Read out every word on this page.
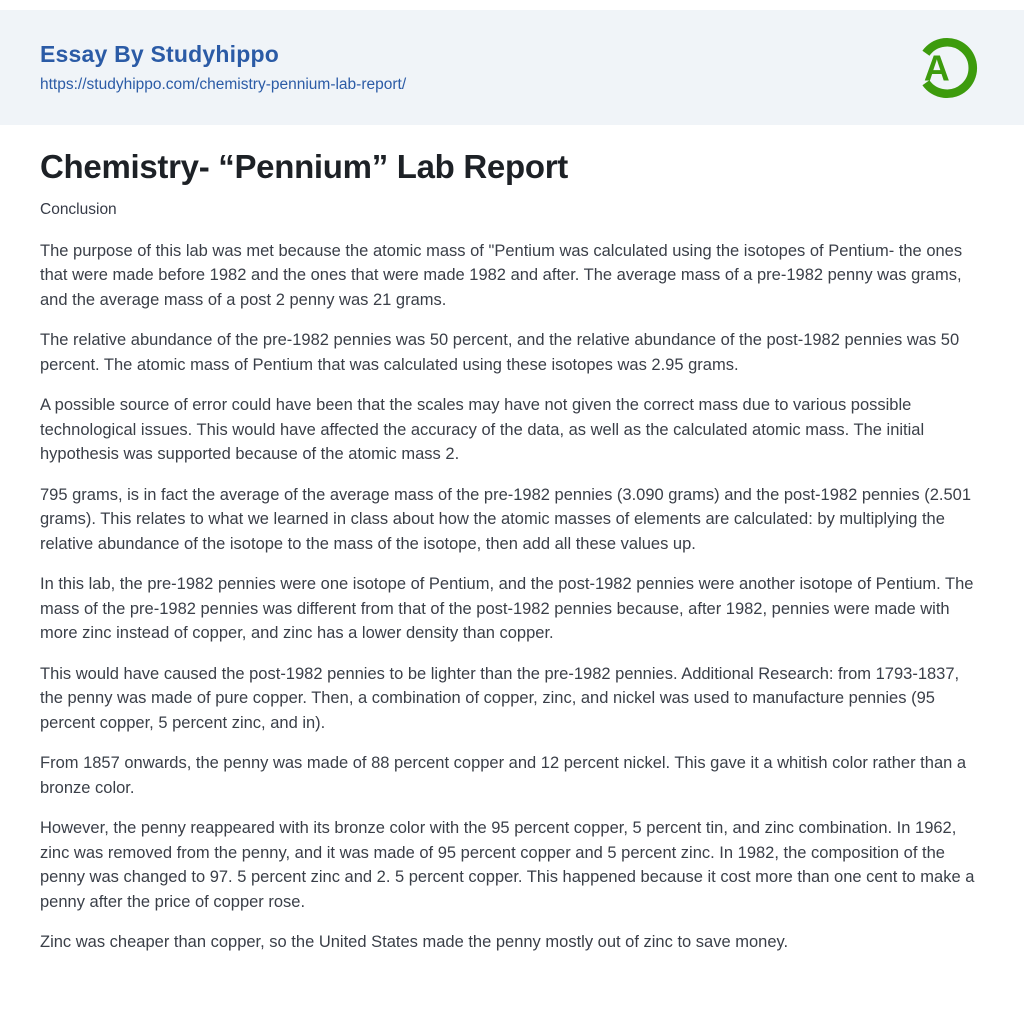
Essay By Studyhippo
https://studyhippo.com/chemistry-pennium-lab-report/	A
Chemistry- “Pennium” Lab Report
Conclusion

The purpose of this lab was met because the atomic mass of "Pentium was calculated using the isotopes of Pentium- the ones that were made before 1982 and the ones that were made 1982 and after. The average mass of a pre-1982 penny was grams, and the average mass of a post 2 penny was 21 grams.

The relative abundance of the pre-1982 pennies was 50 percent, and the relative abundance of the post-1982 pennies was 50 percent. The atomic mass of Pentium that was calculated using these isotopes was 2.95 grams.

A possible source of error could have been that the scales may have not given the correct mass due to various possible technological issues. This would have affected the accuracy of the data, as well as the calculated atomic mass. The initial hypothesis was supported because of the atomic mass 2.

795 grams, is in fact the average of the average mass of the pre-1982 pennies (3.090 grams) and the post-1982 pennies (2.501 grams). This relates to what we learned in class about how the atomic masses of elements are calculated: by multiplying the relative abundance of the isotope to the mass of the isotope, then add all these values up.

In this lab, the pre-1982 pennies were one isotope of Pentium, and the post-1982 pennies were another isotope of Pentium. The mass of the pre-1982 pennies was different from that of the post-1982 pennies because, after 1982, pennies were made with more zinc instead of copper, and zinc has a lower density than copper.

This would have caused the post-1982 pennies to be lighter than the pre-1982 pennies. Additional Research: from 1793-1837, the penny was made of pure copper. Then, a combination of copper, zinc, and nickel was used to manufacture pennies (95 percent copper, 5 percent zinc, and in).

From 1857 onwards, the penny was made of 88 percent copper and 12 percent nickel. This gave it a whitish color rather than a bronze color.

However, the penny reappeared with its bronze color with the 95 percent copper, 5 percent tin, and zinc combination. In 1962, zinc was removed from the penny, and it was made of 95 percent copper and 5 percent zinc. In 1982, the composition of the penny was changed to 97. 5 percent zinc and 2. 5 percent copper. This happened because it cost more than one cent to make a penny after the price of copper rose.

Zinc was cheaper than copper, so the United States made the penny mostly out of zinc to save money.
